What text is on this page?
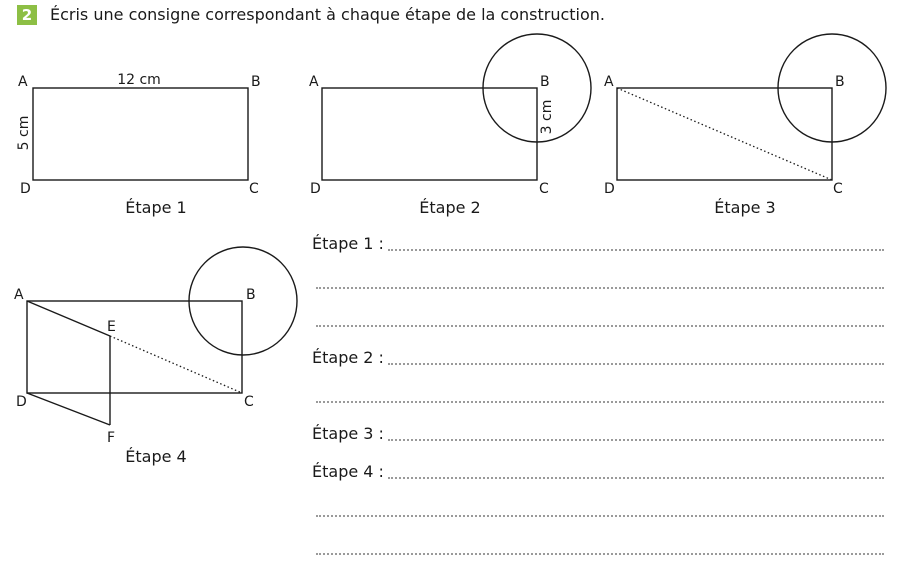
2 Écris une consigne correspondant à chaque étape de la construction.
A	B
C
D
12 cm
5 cm
Étape 1
A	B
C
D
3 cm
Étape 2
A	B
C
D
Étape 3
A	B
C
D
E
F
Étape 4
Étape 1 :
Étape 2 :
Étape 3 :
Étape 4 :
